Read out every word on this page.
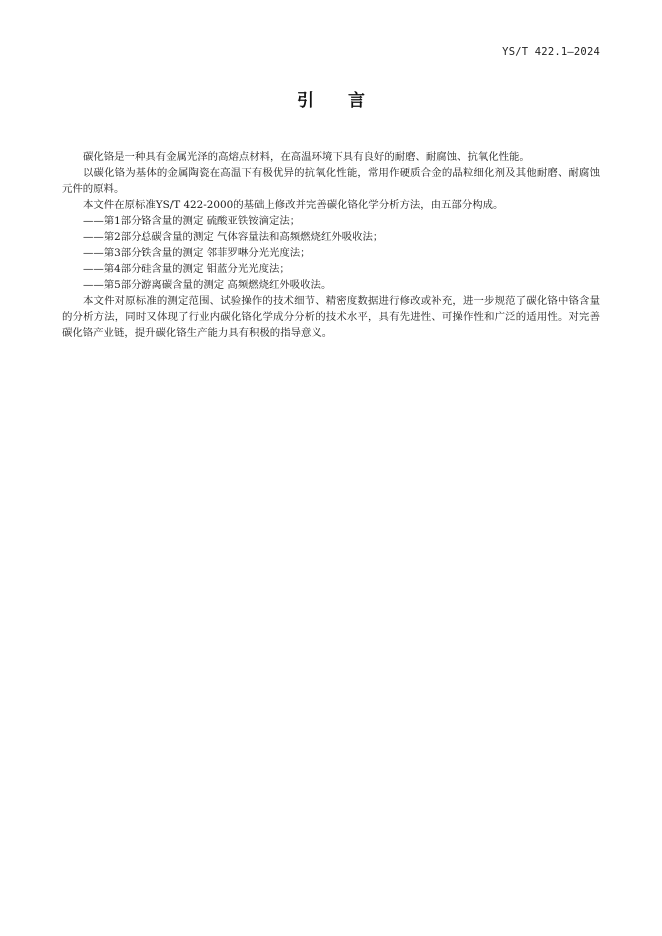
YS/T 422.1—2024
引 言

碳化铬是一种具有金属光泽的高熔点材料，在高温环境下具有良好的耐磨、耐腐蚀、抗氧化性能。

以碳化铬为基体的金属陶瓷在高温下有极优异的抗氧化性能，常用作硬质合金的晶粒细化剂及其他耐磨、耐腐蚀元件的原料。

本文件在原标准YS/T 422-2000的基础上修改并完善碳化铬化学分析方法，由五部分构成。

——第1部分：铬含量的测定 硫酸亚铁铵滴定法；
——第2部分：总碳含量的测定 气体容量法和高频燃烧红外吸收法；
——第3部分：铁含量的测定 邻菲罗啉分光光度法；
——第4部分：硅含量的测定 钼蓝分光光度法；
——第5部分：游离碳含量的测定 高频燃烧红外吸收法。

本文件对原标准的测定范围、试验操作的技术细节、精密度数据进行修改或补充，进一步规范了碳化铬中铬含量的分析方法，同时又体现了行业内碳化铬化学成分分析的技术水平，具有先进性、可操作性和广泛的适用性。对完善碳化铬产业链，提升碳化铬生产能力具有积极的指导意义。
